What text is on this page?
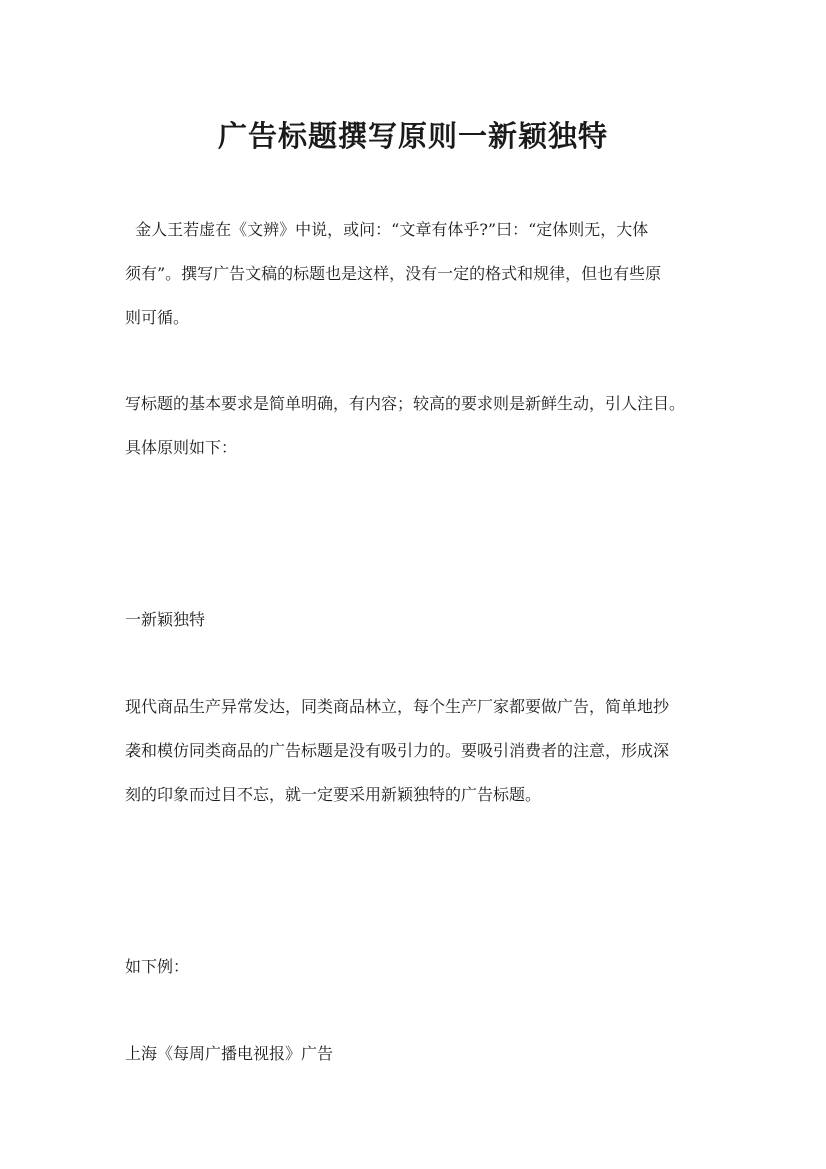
广告标题撰写原则一新颖独特

金人王若虚在《文辨》中说，或问：“文章有体乎?”曰：“定体则无，大体
须有”。撰写广告文稿的标题也是这样，没有一定的格式和规律，但也有些原
则可循。

写标题的基本要求是简单明确，有内容；较高的要求则是新鲜生动，引人注目。
具体原则如下：

一新颖独特

现代商品生产异常发达，同类商品林立，每个生产厂家都要做广告，简单地抄
袭和模仿同类商品的广告标题是没有吸引力的。要吸引消费者的注意，形成深
刻的印象而过目不忘，就一定要采用新颖独特的广告标题。

如下例：

上海《每周广播电视报》广告
